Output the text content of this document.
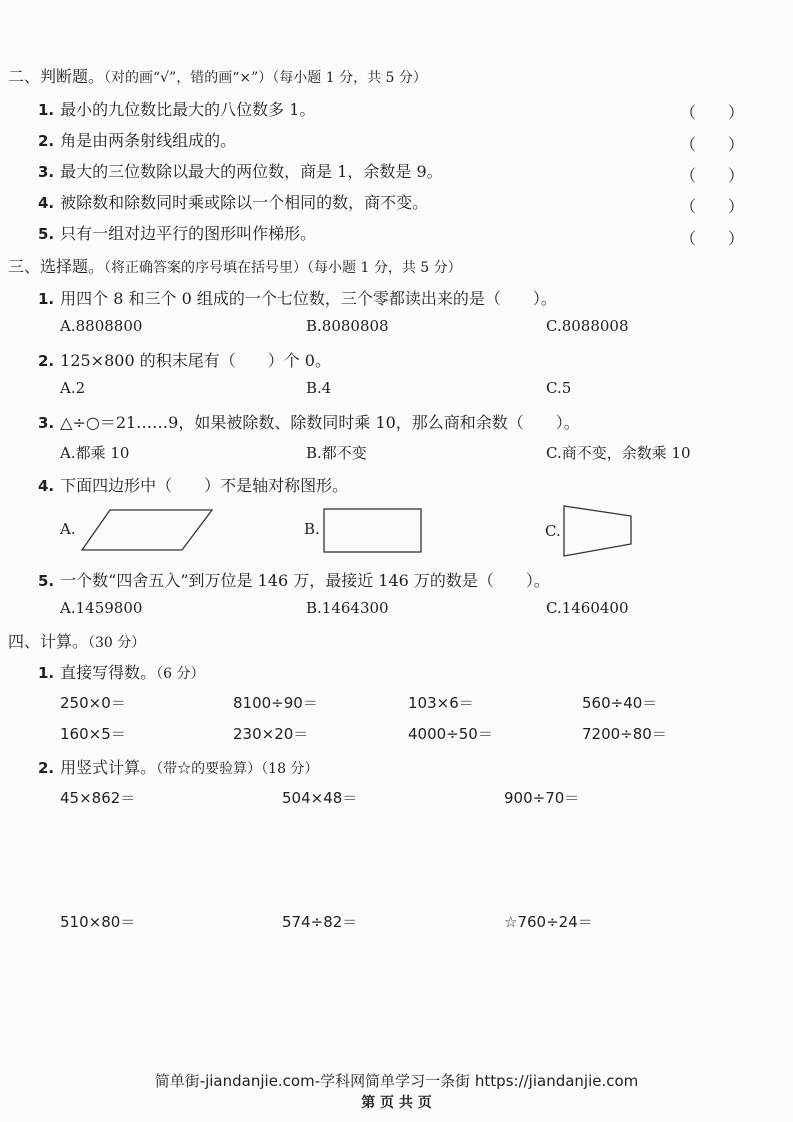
二、判断题。（对的画“√”，错的画“×”）（每小题 1 分，共 5 分）
1. 最小的九位数比最大的八位数多 1。	（　　）
2. 角是由两条射线组成的。	（　　）
3. 最大的三位数除以最大的两位数，商是 1，余数是 9。	（　　）
4. 被除数和除数同时乘或除以一个相同的数，商不变。	（　　）
5. 只有一组对边平行的图形叫作梯形。	（　　）
三、选择题。（将正确答案的序号填在括号里）（每小题 1 分，共 5 分）
1. 用四个 8 和三个 0 组成的一个七位数，三个零都读出来的是（　　）。
A.8808800	B.8080808	C.8088008
2. 125×800 的积末尾有（　　）个 0。
A.2	B.4	C.5
3. △÷○＝21……9，如果被除数、除数同时乘 10，那么商和余数（　　）。
A.都乘 10	B.都不变	C.商不变，余数乘 10
4. 下面四边形中（　　）不是轴对称图形。
A.	B.	C.
5. 一个数“四舍五入”到万位是 146 万，最接近 146 万的数是（　　）。
A.1459800	B.1464300	C.1460400
四、计算。（30 分）
1. 直接写得数。（6 分）
250×0＝	8100÷90＝	103×6＝	560÷40＝
160×5＝	230×20＝	4000÷50＝	7200÷80＝
2. 用竖式计算。（带☆的要验算）（18 分）
45×862＝	504×48＝	900÷70＝
510×80＝	574÷82＝	☆760÷24＝
简单街-jiandanjie.com-学科网简单学习一条街 https://jiandanjie.com
第 页 共 页
